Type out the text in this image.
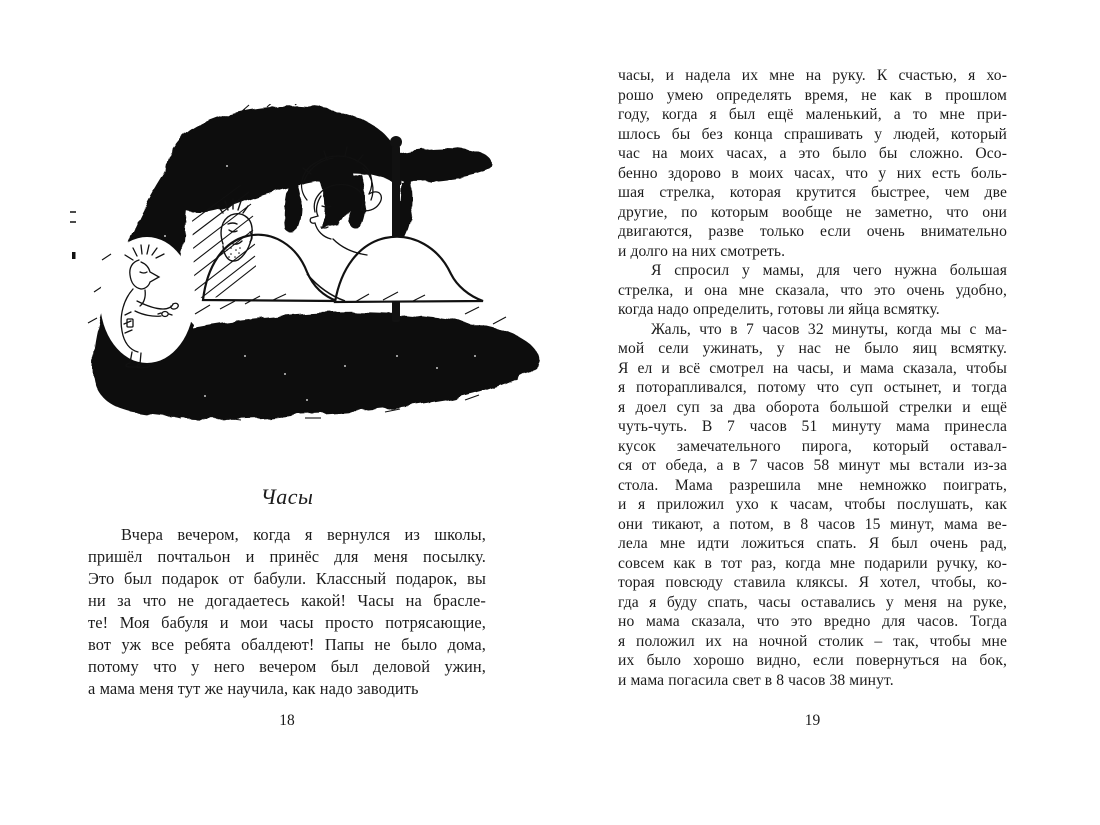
Часы
Вчера вечером, когда я вернулся из школы,
пришёл почтальон и принёс для меня посылку.
Это был подарок от бабули. Классный подарок, вы
ни за что не догадаетесь какой! Часы на брасле-
те! Моя бабуля и мои часы просто потрясающие,
вот уж все ребята обалдеют! Папы не было дома,
потому что у него вечером был деловой ужин,
а мама меня тут же научила, как надо заводить
18
часы, и надела их мне на руку. К счастью, я хо-
рошо умею определять время, не как в прошлом
году, когда я был ещё маленький, а то мне при-
шлось бы без конца спрашивать у людей, который
час на моих часах, а это было бы сложно. Осо-
бенно здорово в моих часах, что у них есть боль-
шая стрелка, которая крутится быстрее, чем две
другие, по которым вообще не заметно, что они
двигаются, разве только если очень внимательно
и долго на них смотреть.
Я спросил у мамы, для чего нужна большая
стрелка, и она мне сказала, что это очень удобно,
когда надо определить, готовы ли яйца всмятку.
Жаль, что в 7 часов 32 минуты, когда мы с ма-
мой сели ужинать, у нас не было яиц всмятку.
Я ел и всё смотрел на часы, и мама сказала, чтобы
я поторапливался, потому что суп остынет, и тогда
я доел суп за два оборота большой стрелки и ещё
чуть-чуть. В 7 часов 51 минуту мама принесла
кусок замечательного пирога, который оставал-
ся от обеда, а в 7 часов 58 минут мы встали из-за
стола. Мама разрешила мне немножко поиграть,
и я приложил ухо к часам, чтобы послушать, как
они тикают, а потом, в 8 часов 15 минут, мама ве-
лела мне идти ложиться спать. Я был очень рад,
совсем как в тот раз, когда мне подарили ручку, ко-
торая повсюду ставила кляксы. Я хотел, чтобы, ко-
гда я буду спать, часы оставались у меня на руке,
но мама сказала, что это вредно для часов. Тогда
я положил их на ночной столик – так, чтобы мне
их было хорошо видно, если повернуться на бок,
и мама погасила свет в 8 часов 38 минут.
19
